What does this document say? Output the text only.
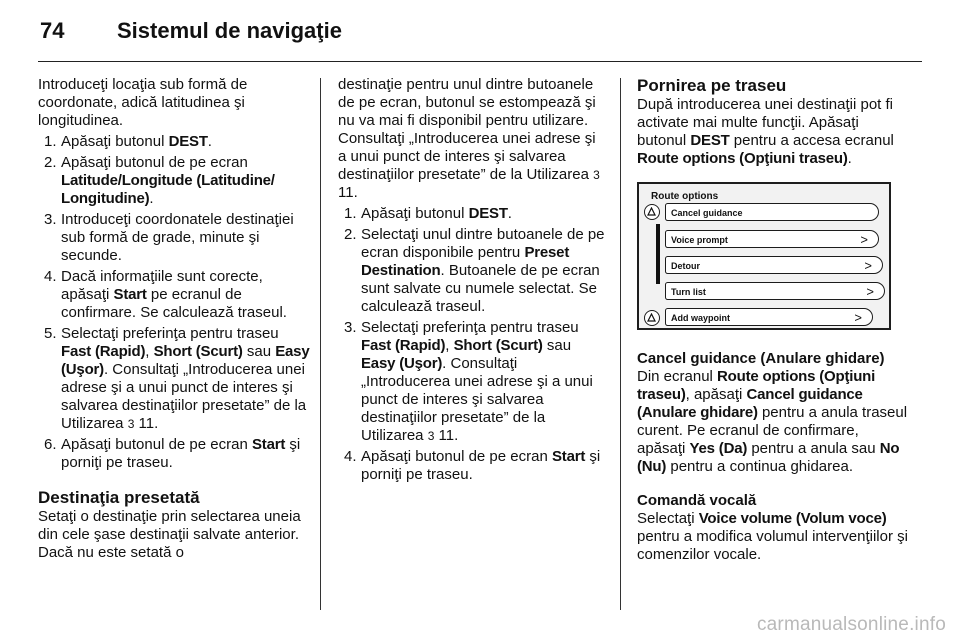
74 Sistemul de navigaţie

Introduceţi locaţia sub formă de coordonate, adică latitudinea şi longitudinea.

1. Apăsaţi butonul DEST.
2. Apăsaţi butonul de pe ecran Latitude/Longitude (Latitudine/ Longitudine).
3. Introduceţi coordonatele destinaţiei sub formă de grade, minute şi secunde.
4. Dacă informaţiile sunt corecte, apăsaţi Start pe ecranul de confirmare. Se calculează traseul.
5. Selectaţi preferinţa pentru traseu Fast (Rapid), Short (Scurt) sau Easy (Uşor). Consultaţi „Introducerea unei adrese şi a unui punct de interes şi salvarea destinaţiilor presetate” de la Utilizarea 3 11.
6. Apăsaţi butonul de pe ecran Start şi porniţi pe traseu.

Destinaţia presetată

Setaţi o destinaţie prin selectarea uneia din cele şase destinaţii salvate anterior. Dacă nu este setată o

destinaţie pentru unul dintre butoanele de pe ecran, butonul se estompează şi nu va mai fi disponibil pentru utilizare. Consultaţi „Introducerea unei adrese şi a unui punct de interes şi salvarea destinaţiilor presetate” de la Utilizarea 3 11.

1. Apăsaţi butonul DEST.
2. Selectaţi unul dintre butoanele de pe ecran disponibile pentru Preset Destination. Butoanele de pe ecran sunt salvate cu numele selectat. Se calculează traseul.
3. Selectaţi preferinţa pentru traseu Fast (Rapid), Short (Scurt) sau Easy (Uşor). Consultaţi „Introducerea unei adrese şi a unui punct de interes şi salvarea destinaţiilor presetate” de la Utilizarea 3 11.
4. Apăsaţi butonul de pe ecran Start şi porniţi pe traseu.

Pornirea pe traseu

După introducerea unei destinaţii pot fi activate mai multe funcţii. Apăsaţi butonul DEST pentru a accesa ecranul Route options (Opţiuni traseu).

Route options
Cancel guidance
Voice prompt	>
Detour	>
Turn list	>
Add waypoint	>

Cancel guidance (Anulare ghidare)

Din ecranul Route options (Opţiuni traseu), apăsaţi Cancel guidance (Anulare ghidare) pentru a anula traseul curent. Pe ecranul de confirmare, apăsaţi Yes (Da) pentru a anula sau No (Nu) pentru a continua ghidarea.

Comandă vocală

Selectaţi Voice volume (Volum voce) pentru a modifica volumul intervenţiilor şi comenzilor vocale.

carmanualsonline.info
